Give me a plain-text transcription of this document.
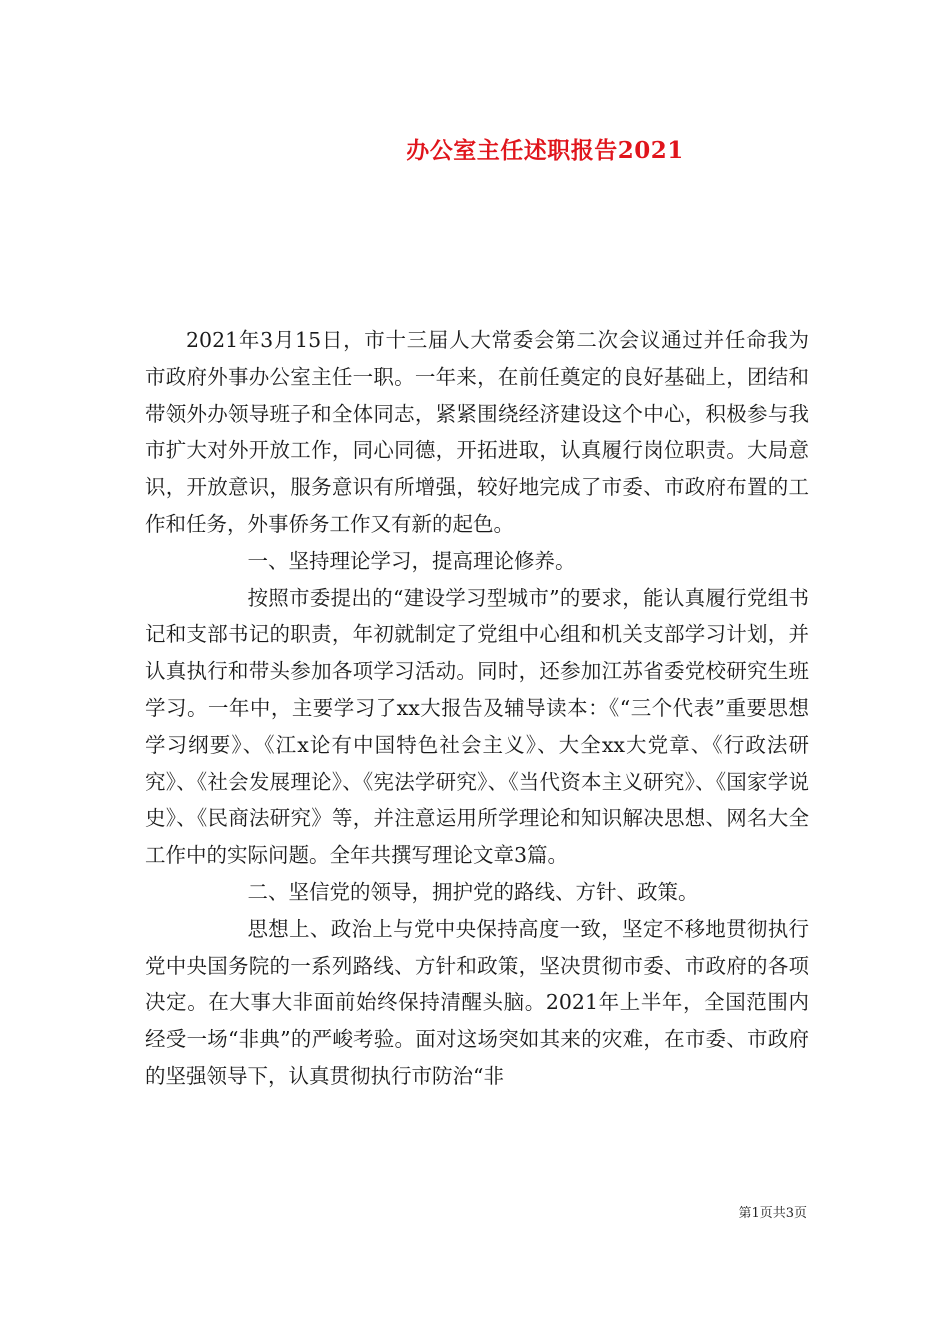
办公室主任述职报告2021

2021年3月15日，市十三届人大常委会第二次会议通过并任命我为市政府外事办公室主任一职。一年来，在前任奠定的良好基础上，团结和带领外办领导班子和全体同志，紧紧围绕经济建设这个中心，积极参与我市扩大对外开放工作，同心同德，开拓进取，认真履行岗位职责。大局意识，开放意识，服务意识有所增强，较好地完成了市委、市政府布置的工作和任务，外事侨务工作又有新的起色。

一、坚持理论学习，提高理论修养。

按照市委提出的“建设学习型城市”的要求，能认真履行党组书记和支部书记的职责，年初就制定了党组中心组和机关支部学习计划，并认真执行和带头参加各项学习活动。同时，还参加江苏省委党校研究生班学习。一年中，主要学习了xx大报告及辅导读本：《“三个代表”重要思想学习纲要》、《江x论有中国特色社会主义》、大全xx大党章、《行政法研究》、《社会发展理论》、《宪法学研究》、《当代资本主义研究》、《国家学说史》、《民商法研究》等，并注意运用所学理论和知识解决思想、网名大全工作中的实际问题。全年共撰写理论文章3篇。

二、坚信党的领导，拥护党的路线、方针、政策。

思想上、政治上与党中央保持高度一致，坚定不移地贯彻执行党中央国务院的一系列路线、方针和政策，坚决贯彻市委、市政府的各项决定。在大事大非面前始终保持清醒头脑。2021年上半年，全国范围内经受一场“非典”的严峻考验。面对这场突如其来的灾难，在市委、市政府的坚强领导下，认真贯彻执行市防治“非

第1页共3页
